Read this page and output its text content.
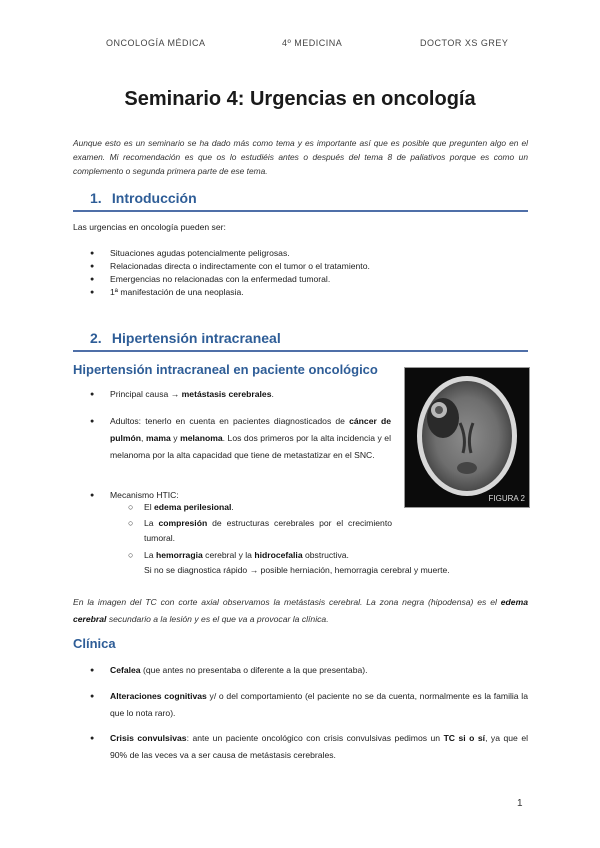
ONCOLOGÍA MÉDICA	4º MEDICINA	DOCTOR XS GREY
Seminario 4: Urgencias en oncología
Aunque esto es un seminario se ha dado más como tema y es importante así que es posible que pregunten algo en el examen. Mi recomendación es que os lo estudiéis antes o después del tema 8 de paliativos porque es como un complemento o segunda primera parte de ese tema.
1. Introducción
Las urgencias en oncología pueden ser:
● Situaciones agudas potencialmente peligrosas.
● Relacionadas directa o indirectamente con el tumor o el tratamiento.
● Emergencias no relacionadas con la enfermedad tumoral.
● 1ª manifestación de una neoplasia.
2. Hipertensión intracraneal
Hipertensión intracraneal en paciente oncológico
FIGURA 2
● Principal causa → metástasis cerebrales.
● Adultos: tenerlo en cuenta en pacientes diagnosticados de cáncer de pulmón, mama y melanoma. Los dos primeros por la alta incidencia y el melanoma por la alta capacidad que tiene de metastatizar en el SNC.
● Mecanismo HTIC:
○ El edema perilesional.
○ La compresión de estructuras cerebrales por el crecimiento tumoral.
○ La hemorragia cerebral y la hidrocefalia obstructiva.
Si no se diagnostica rápido → posible herniación, hemorragia cerebral y muerte.
En la imagen del TC con corte axial observamos la metástasis cerebral. La zona negra (hipodensa) es el edema cerebral secundario a la lesión y es el que va a provocar la clínica.
Clínica
● Cefalea (que antes no presentaba o diferente a la que presentaba).
● Alteraciones cognitivas y/ o del comportamiento (el paciente no se da cuenta, normalmente es la familia la que lo nota raro).
● Crisis convulsivas: ante un paciente oncológico con crisis convulsivas pedimos un TC si o sí, ya que el 90% de las veces va a ser causa de metástasis cerebrales.
1
